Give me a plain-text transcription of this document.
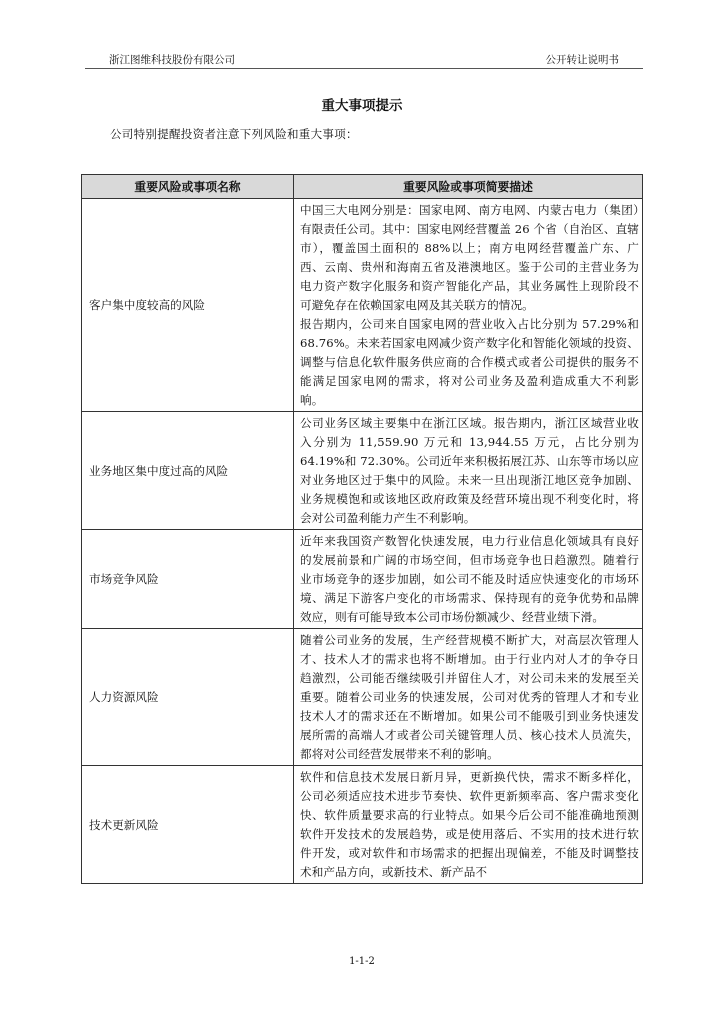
浙江图维科技股份有限公司	公开转让说明书
重大事项提示
公司特别提醒投资者注意下列风险和重大事项：
重要风险或事项名称	重要风险或事项简要描述
客户集中度较高的风险	中国三大电网分别是：国家电网、南方电网、内蒙古电力（集团）有限责任公司。其中：国家电网经营覆盖 26 个省（自治区、直辖市），覆盖国土面积的 88%以上；南方电网经营覆盖广东、广西、云南、贵州和海南五省及港澳地区。鉴于公司的主营业务为电力资产数字化服务和资产智能化产品，其业务属性上现阶段不可避免存在依赖国家电网及其关联方的情况。

报告期内，公司来自国家电网的营业收入占比分别为 57.29%和 68.76%。未来若国家电网减少资产数字化和智能化领域的投资、调整与信息化软件服务供应商的合作模式或者公司提供的服务不能满足国家电网的需求，将对公司业务及盈利造成重大不利影响。

业务地区集中度过高的风险	公司业务区域主要集中在浙江区域。报告期内，浙江区域营业收入分别为 11,559.90 万元和 13,944.55 万元，占比分别为 64.19%和 72.30%。公司近年来积极拓展江苏、山东等市场以应对业务地区过于集中的风险。未来一旦出现浙江地区竞争加剧、业务规模饱和或该地区政府政策及经营环境出现不利变化时，将会对公司盈利能力产生不利影响。

市场竞争风险	近年来我国资产数智化快速发展，电力行业信息化领域具有良好的发展前景和广阔的市场空间，但市场竞争也日趋激烈。随着行业市场竞争的逐步加剧，如公司不能及时适应快速变化的市场环境、满足下游客户变化的市场需求、保持现有的竞争优势和品牌效应，则有可能导致本公司市场份额减少、经营业绩下滑。

人力资源风险	随着公司业务的发展，生产经营规模不断扩大，对高层次管理人才、技术人才的需求也将不断增加。由于行业内对人才的争夺日趋激烈，公司能否继续吸引并留住人才，对公司未来的发展至关重要。随着公司业务的快速发展，公司对优秀的管理人才和专业技术人才的需求还在不断增加。如果公司不能吸引到业务快速发展所需的高端人才或者公司关键管理人员、核心技术人员流失，都将对公司经营发展带来不利的影响。

技术更新风险	软件和信息技术发展日新月异，更新换代快，需求不断多样化，公司必须适应技术进步节奏快、软件更新频率高、客户需求变化快、软件质量要求高的行业特点。如果今后公司不能准确地预测软件开发技术的发展趋势，或是使用落后、不实用的技术进行软件开发，或对软件和市场需求的把握出现偏差，不能及时调整技术和产品方向，或新技术、新产品不

1-1-2
